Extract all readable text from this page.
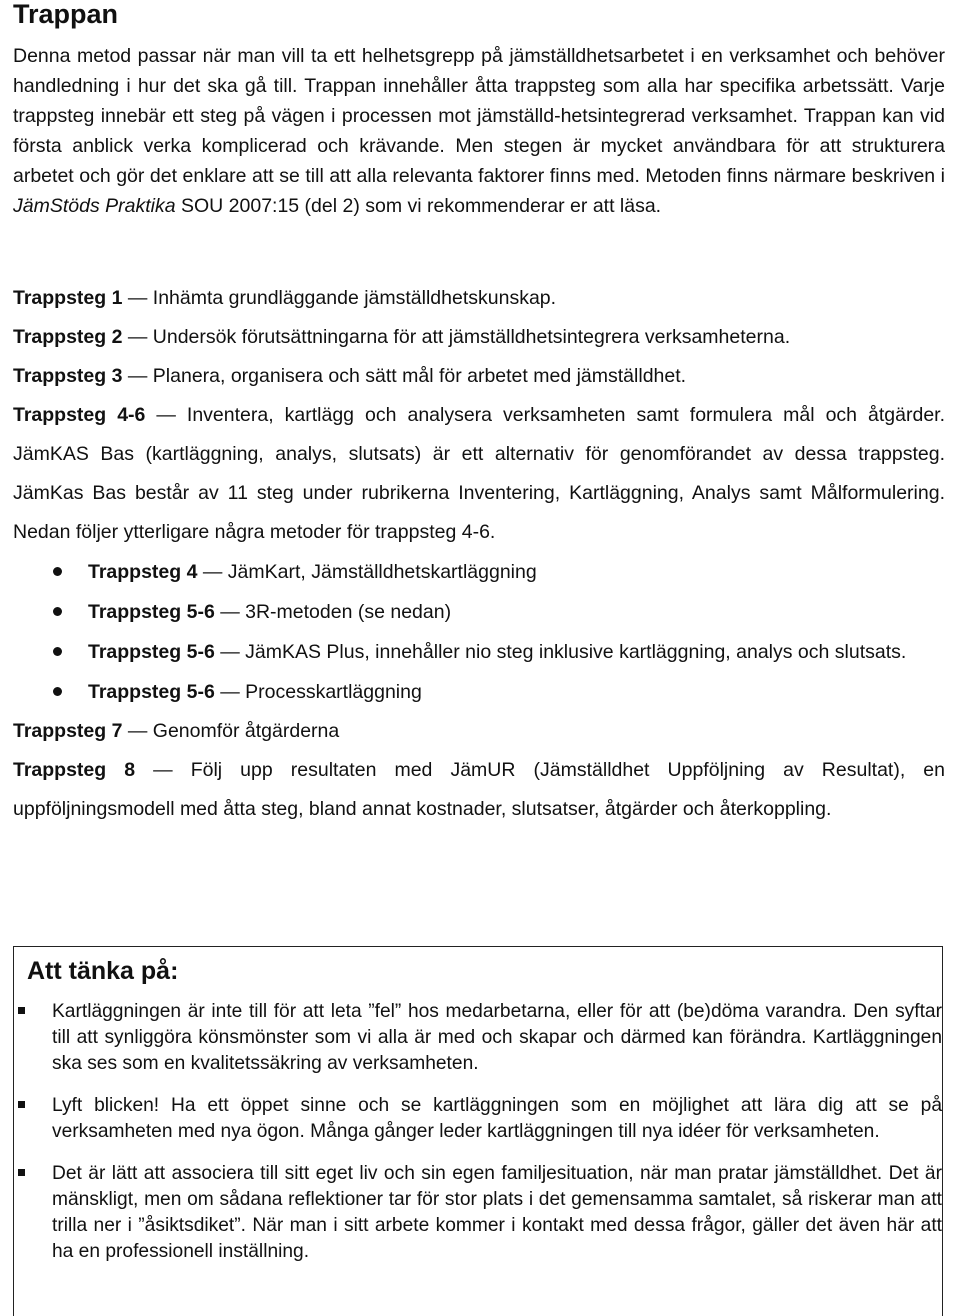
Trappan

Denna metod passar när man vill ta ett helhetsgrepp på jämställdhetsarbetet i en verksamhet och behöver handledning i hur det ska gå till. Trappan innehåller åtta trappsteg som alla har specifika arbetssätt. Varje trappsteg innebär ett steg på vägen i processen mot jämställd-hetsintegrerad verksamhet. Trappan kan vid första anblick verka komplicerad och krävande. Men stegen är mycket användbara för att strukturera arbetet och gör det enklare att se till att alla relevanta faktorer finns med. Metoden finns närmare beskriven i JämStöds Praktika SOU 2007:15 (del 2) som vi rekommenderar er att läsa.

Trappsteg 1 — Inhämta grundläggande jämställdhetskunskap.

Trappsteg 2 — Undersök förutsättningarna för att jämställdhetsintegrera verksamheterna.

Trappsteg 3 — Planera, organisera och sätt mål för arbetet med jämställdhet.

Trappsteg 4-6 — Inventera, kartlägg och analysera verksamheten samt formulera mål och åtgärder. JämKAS Bas (kartläggning, analys, slutsats) är ett alternativ för genomförandet av dessa trappsteg. JämKas Bas består av 11 steg under rubrikerna Inventering, Kartläggning, Analys samt Målformulering. Nedan följer ytterligare några metoder för trappsteg 4-6.

Trappsteg 4 — JämKart, Jämställdhetskartläggning
Trappsteg 5-6 — 3R-metoden (se nedan)
Trappsteg 5-6 — JämKAS Plus, innehåller nio steg inklusive kartläggning, analys och slutsats.
Trappsteg 5-6 — Processkartläggning

Trappsteg 7 — Genomför åtgärderna

Trappsteg 8 — Följ upp resultaten med JämUR (Jämställdhet Uppföljning av Resultat), en uppföljningsmodell med åtta steg, bland annat kostnader, slutsatser, åtgärder och återkoppling.

Att tänka på:
Kartläggningen är inte till för att leta ”fel” hos medarbetarna, eller för att (be)döma varandra. Den syftar till att synliggöra könsmönster som vi alla är med och skapar och därmed kan förändra. Kartläggningen ska ses som en kvalitetssäkring av verksamheten.
Lyft blicken! Ha ett öppet sinne och se kartläggningen som en möjlighet att lära dig att se på verksamheten med nya ögon. Många gånger leder kartläggningen till nya idéer för verksamheten.
Det är lätt att associera till sitt eget liv och sin egen familjesituation, när man pratar jämställdhet. Det är mänskligt, men om sådana reflektioner tar för stor plats i det gemensamma samtalet, så riskerar man att trilla ner i ”åsiktsdiket”. När man i sitt arbete kommer i kontakt med dessa frågor, gäller det även här att ha en professionell inställning.
